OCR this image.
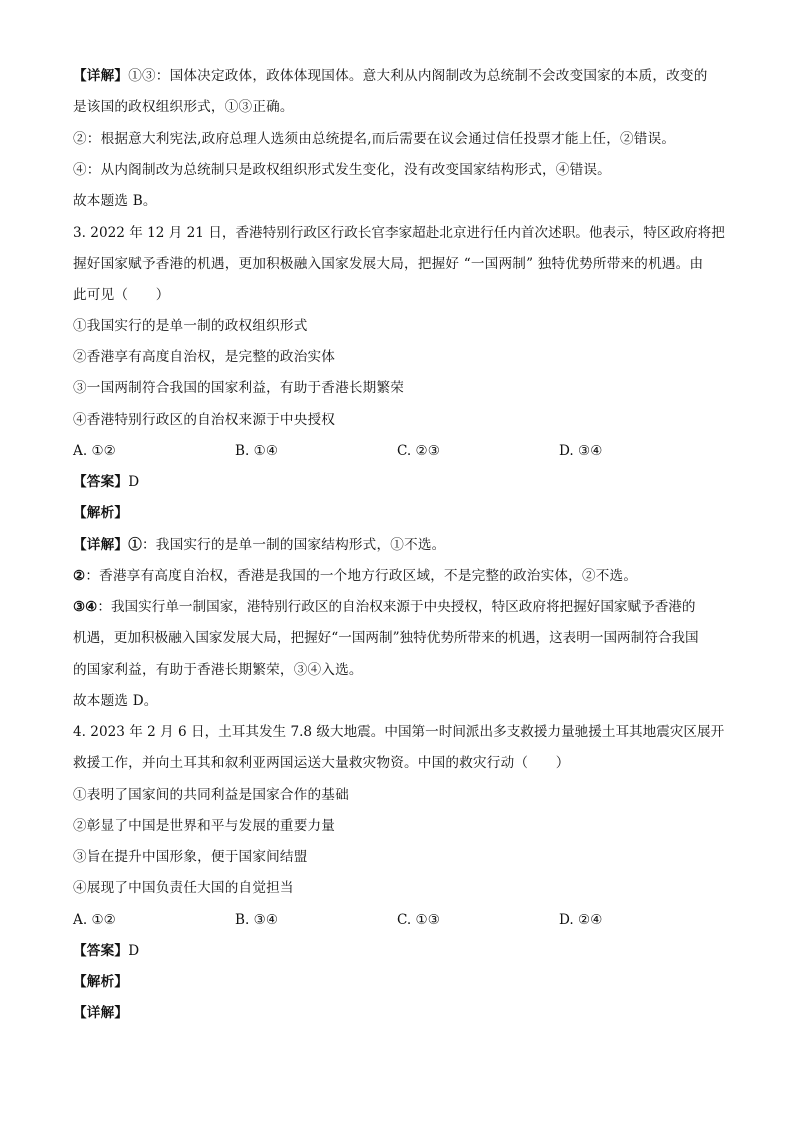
【详解】①③：国体决定政体，政体体现国体。意大利从内阁制改为总统制不会改变国家的本质，改变的
是该国的政权组织形式，①③正确。
②：根据意大利宪法,政府总理人选须由总统提名,而后需要在议会通过信任投票才能上任，②错误。
④：从内阁制改为总统制只是政权组织形式发生变化，没有改变国家结构形式，④错误。
故本题选 B。
3. 2022 年 12 月 21 日，香港特别行政区行政长官李家超赴北京进行任内首次述职。他表示，特区政府将把
握好国家赋予香港的机遇，更加积极融入国家发展大局，把握好 “一国两制” 独特优势所带来的机遇。由
此可见（　　）
①我国实行的是单一制的政权组织形式
②香港享有高度自治权，是完整的政治实体
③一国两制符合我国的国家利益，有助于香港长期繁荣
④香港特别行政区的自治权来源于中央授权
A. ①②	B. ①④	C. ②③	D. ③④
【答案】D
【解析】
【详解】①：我国实行的是单一制的国家结构形式，①不选。
②：香港享有高度自治权，香港是我国的一个地方行政区域，不是完整的政治实体，②不选。
③④：我国实行单一制国家，港特别行政区的自治权来源于中央授权，特区政府将把握好国家赋予香港的
机遇，更加积极融入国家发展大局，把握好“一国两制”独特优势所带来的机遇，这表明一国两制符合我国
的国家利益，有助于香港长期繁荣，③④入选。
故本题选 D。
4. 2023 年 2 月 6 日，土耳其发生 7.8 级大地震。中国第一时间派出多支救援力量驰援土耳其地震灾区展开
救援工作，并向土耳其和叙利亚两国运送大量救灾物资。中国的救灾行动（　　）
①表明了国家间的共同利益是国家合作的基础
②彰显了中国是世界和平与发展的重要力量
③旨在提升中国形象，便于国家间结盟
④展现了中国负责任大国的自觉担当
A. ①②	B. ③④	C. ①③	D. ②④
【答案】D
【解析】
【详解】
